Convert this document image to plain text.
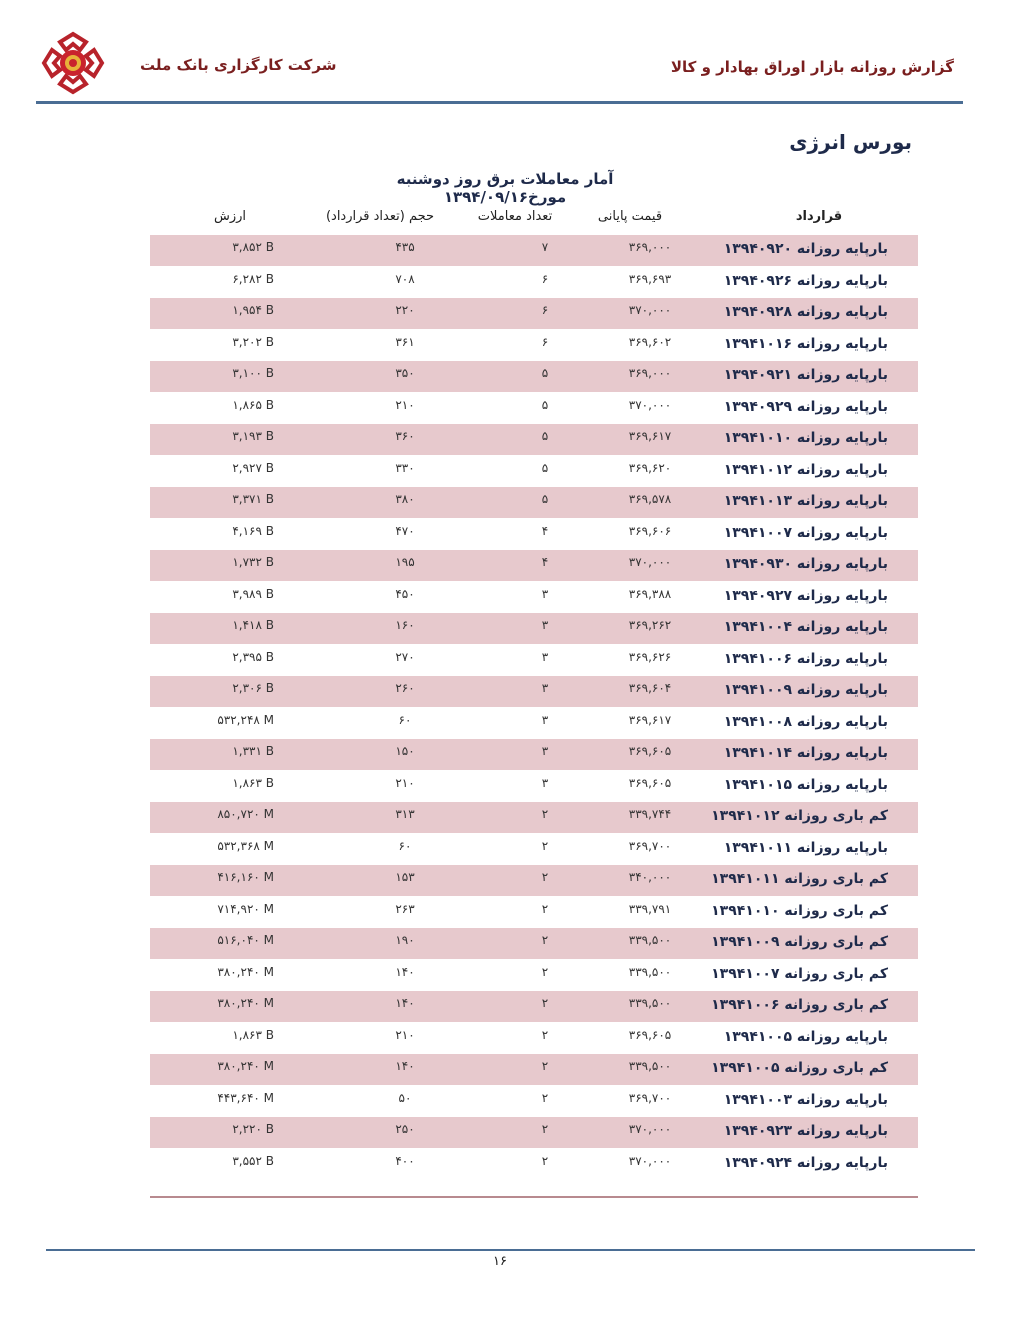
شرکت کارگزاری بانک ملت	گزارش روزانه بازار اوراق بهادار و کالا
بورس انرژی
آمار معاملات برق روز دوشنبه مورخ۱۳۹۴/۰۹/۱۶
قرارداد
قیمت پایانی
تعداد معاملات
حجم (تعداد قرارداد)
ارزش
بارپایه روزانه ۱۳۹۴۰۹۲۰
۳۶۹,۰۰۰
۷
۴۳۵
۳,۸۵۲ B
بارپایه روزانه ۱۳۹۴۰۹۲۶
۳۶۹,۶۹۳
۶
۷۰۸
۶,۲۸۲ B
بارپایه روزانه ۱۳۹۴۰۹۲۸
۳۷۰,۰۰۰
۶
۲۲۰
۱,۹۵۴ B
بارپایه روزانه ۱۳۹۴۱۰۱۶
۳۶۹,۶۰۲
۶
۳۶۱
۳,۲۰۲ B
بارپایه روزانه ۱۳۹۴۰۹۲۱
۳۶۹,۰۰۰
۵
۳۵۰
۳,۱۰۰ B
بارپایه روزانه ۱۳۹۴۰۹۲۹
۳۷۰,۰۰۰
۵
۲۱۰
۱,۸۶۵ B
بارپایه روزانه ۱۳۹۴۱۰۱۰
۳۶۹,۶۱۷
۵
۳۶۰
۳,۱۹۳ B
بارپایه روزانه ۱۳۹۴۱۰۱۲
۳۶۹,۶۲۰
۵
۳۳۰
۲,۹۲۷ B
بارپایه روزانه ۱۳۹۴۱۰۱۳
۳۶۹,۵۷۸
۵
۳۸۰
۳,۳۷۱ B
بارپایه روزانه ۱۳۹۴۱۰۰۷
۳۶۹,۶۰۶
۴
۴۷۰
۴,۱۶۹ B
بارپایه روزانه ۱۳۹۴۰۹۳۰
۳۷۰,۰۰۰
۴
۱۹۵
۱,۷۳۲ B
بارپایه روزانه ۱۳۹۴۰۹۲۷
۳۶۹,۳۸۸
۳
۴۵۰
۳,۹۸۹ B
بارپایه روزانه ۱۳۹۴۱۰۰۴
۳۶۹,۲۶۲
۳
۱۶۰
۱,۴۱۸ B
بارپایه روزانه ۱۳۹۴۱۰۰۶
۳۶۹,۶۲۶
۳
۲۷۰
۲,۳۹۵ B
بارپایه روزانه ۱۳۹۴۱۰۰۹
۳۶۹,۶۰۴
۳
۲۶۰
۲,۳۰۶ B
بارپایه روزانه ۱۳۹۴۱۰۰۸
۳۶۹,۶۱۷
۳
۶۰
۵۳۲,۲۴۸ M
بارپایه روزانه ۱۳۹۴۱۰۱۴
۳۶۹,۶۰۵
۳
۱۵۰
۱,۳۳۱ B
بارپایه روزانه ۱۳۹۴۱۰۱۵
۳۶۹,۶۰۵
۳
۲۱۰
۱,۸۶۳ B
کم باری روزانه ۱۳۹۴۱۰۱۲
۳۳۹,۷۴۴
۲
۳۱۳
۸۵۰,۷۲۰ M
بارپایه روزانه ۱۳۹۴۱۰۱۱
۳۶۹,۷۰۰
۲
۶۰
۵۳۲,۳۶۸ M
کم باری روزانه ۱۳۹۴۱۰۱۱
۳۴۰,۰۰۰
۲
۱۵۳
۴۱۶,۱۶۰ M
کم باری روزانه ۱۳۹۴۱۰۱۰
۳۳۹,۷۹۱
۲
۲۶۳
۷۱۴,۹۲۰ M
کم باری روزانه ۱۳۹۴۱۰۰۹
۳۳۹,۵۰۰
۲
۱۹۰
۵۱۶,۰۴۰ M
کم باری روزانه ۱۳۹۴۱۰۰۷
۳۳۹,۵۰۰
۲
۱۴۰
۳۸۰,۲۴۰ M
کم باری روزانه ۱۳۹۴۱۰۰۶
۳۳۹,۵۰۰
۲
۱۴۰
۳۸۰,۲۴۰ M
بارپایه روزانه ۱۳۹۴۱۰۰۵
۳۶۹,۶۰۵
۲
۲۱۰
۱,۸۶۳ B
کم باری روزانه ۱۳۹۴۱۰۰۵
۳۳۹,۵۰۰
۲
۱۴۰
۳۸۰,۲۴۰ M
بارپایه روزانه ۱۳۹۴۱۰۰۳
۳۶۹,۷۰۰
۲
۵۰
۴۴۳,۶۴۰ M
بارپایه روزانه ۱۳۹۴۰۹۲۳
۳۷۰,۰۰۰
۲
۲۵۰
۲,۲۲۰ B
بارپایه روزانه ۱۳۹۴۰۹۲۴
۳۷۰,۰۰۰
۲
۴۰۰
۳,۵۵۲ B
۱۶
